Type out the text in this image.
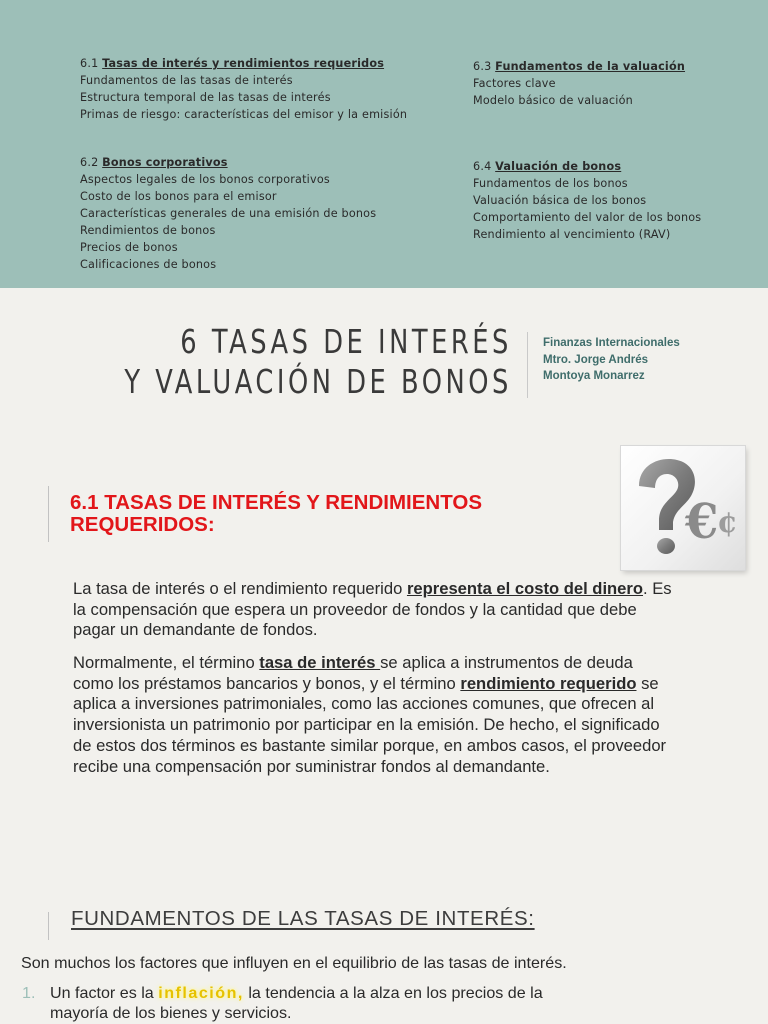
6.1 Tasas de interés y rendimientos requeridos
Fundamentos de las tasas de interés
Estructura temporal de las tasas de interés
Primas de riesgo: características del emisor y la emisión
6.2 Bonos corporativos
Aspectos legales de los bonos corporativos
Costo de los bonos para el emisor
Características generales de una emisión de bonos
Rendimientos de bonos
Precios de bonos
Calificaciones de bonos
6.3 Fundamentos de la valuación
Factores clave
Modelo básico de valuación
6.4 Valuación de bonos
Fundamentos de los bonos
Valuación básica de los bonos
Comportamiento del valor de los bonos
Rendimiento al vencimiento (RAV)
6 TASAS DE INTERÉS
Y VALUACIÓN DE BONOS
Finanzas Internacionales
Mtro. Jorge Andrés
Montoya Monarrez
6.1 TASAS DE INTERÉS Y RENDIMIENTOS
REQUERIDOS:	€
¢
La tasa de interés o el rendimiento requerido representa el costo del dinero. Es la compensación que espera un proveedor de fondos y la cantidad que debe pagar un demandante de fondos.
Normalmente, el término tasa de interés se aplica a instrumentos de deuda como los préstamos bancarios y bonos, y el término rendimiento requerido se aplica a inversiones patrimoniales, como las acciones comunes, que ofrecen al inversionista un patrimonio por participar en la emisión. De hecho, el significado de estos dos términos es bastante similar porque, en ambos casos, el proveedor recibe una compensación por suministrar fondos al demandante.
FUNDAMENTOS DE LAS TASAS DE INTERÉS:
Son muchos los factores que influyen en el equilibrio de las tasas de interés.
1. Un factor es la inflación, la tendencia a la alza en los precios de la
mayoría de los bienes y servicios.
